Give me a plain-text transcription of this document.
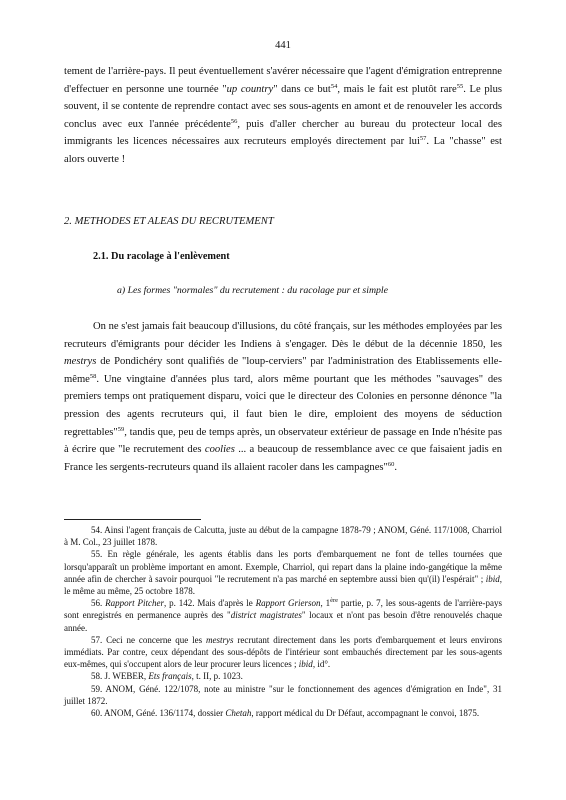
441

tement de l'arrière-pays. Il peut éventuellement s'avérer nécessaire que l'agent d'émigration entreprenne d'effectuer en personne une tournée "up country" dans ce but$^{54}$, mais le fait est plutôt rare$^{55}$. Le plus souvent, il se contente de reprendre contact avec ses sous-agents en amont et de renouveler les accords conclus avec eux l'année précédente$^{56}$, puis d'aller chercher au bureau du protecteur local des immigrants les licences nécessaires aux recruteurs employés directement par lui$^{57}$. La "chasse" est alors ouverte !

2. METHODES ET ALEAS DU RECRUTEMENT
2.1. Du racolage à l'enlèvement
a) Les formes "normales" du recrutement : du racolage pur et simple

On ne s'est jamais fait beaucoup d'illusions, du côté français, sur les méthodes employées par les recruteurs d'émigrants pour décider les Indiens à s'engager. Dès le début de la décennie 1850, les mestrys de Pondichéry sont qualifiés de "loup-cerviers" par l'administration des Etablissements elle-même$^{58}$. Une vingtaine d'années plus tard, alors même pourtant que les méthodes "sauvages" des premiers temps ont pratiquement disparu, voici que le directeur des Colonies en personne dénonce "la pression des agents recruteurs qui, il faut bien le dire, emploient des moyens de séduction regrettables"$^{59}$, tandis que, peu de temps après, un observateur extérieur de passage en Inde n'hésite pas à écrire que "le recrutement des coolies ... a beaucoup de ressemblance avec ce que faisaient jadis en France les sergents-recruteurs quand ils allaient racoler dans les campagnes"$^{60}$.

54. Ainsi l'agent français de Calcutta, juste au début de la campagne 1878-79 ; ANOM, Géné. 117/1008, Charriol à M. Col., 23 juillet 1878.

55. En règle générale, les agents établis dans les ports d'embarquement ne font de telles tournées que lorsqu'apparaît un problème important en amont. Exemple, Charriol, qui repart dans la plaine indo-gangétique la même année afin de chercher à savoir pourquoi "le recrutement n'a pas marché en septembre aussi bien qu'(il) l'espérait" ; ibid, le même au même, 25 octobre 1878.

56. Rapport Pitcher, p. 142. Mais d'après le Rapport Grierson, 1ère partie, p. 7, les sous-agents de l'arrière-pays sont enregistrés en permanence auprès des "district magistrates" locaux et n'ont pas besoin d'être renouvelés chaque année.

57. Ceci ne concerne que les mestrys recrutant directement dans les ports d'embarquement et leurs environs immédiats. Par contre, ceux dépendant des sous-dépôts de l'intérieur sont embauchés directement par les sous-agents eux-mêmes, qui s'occupent alors de leur procurer leurs licences ; ibid, id°.

58. J. WEBER, Ets français, t. II, p. 1023.

59. ANOM, Géné. 122/1078, note au ministre "sur le fonctionnement des agences d'émigration en Inde", 31 juillet 1872.

60. ANOM, Géné. 136/1174, dossier Chetah, rapport médical du Dr Défaut, accompagnant le convoi, 1875.
